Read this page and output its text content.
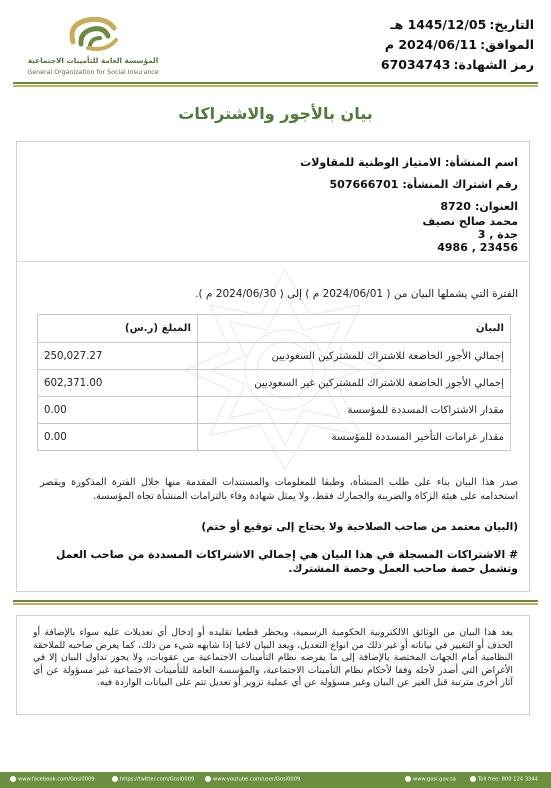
المؤسسة العامة للتأمينات الاجتماعية
General Organization for Social Insurance
التاريخ:1445/12/05 هـ
الموافق:2024/06/11 م
رمز الشهادة:67034743
بيان بالأجور والاشتراكات
اسم المنشأة:الامتياز الوطنية للمقاولات
رقم اشتراك المنشأة:507666701
العنوان:8720
محمد صالح نصيف
جدة , 3
23456 , 4986
الفترة التي يشملها البيان من ( 2024/06/01 م ) إلى ( 2024/06/30 م ).
البيان	المبلغ (ر.س)
إجمالي الأجور الخاضعة للاشتراك للمشتركين السعوديين	250,027.27
إجمالي الأجور الخاضعة للاشتراك للمشتركين غير السعوديين	602,371.00
مقدار الاشتراكات المسددة للمؤسسة	0.00
مقدار غرامات التأخير المسددة للمؤسسة	0.00
صدر هذا البيان بناء على طلب المنشأة، وطبقا للمعلومات والمستندات المقدمة منها خلال الفترة المذكورة ويقصر استخدامه على هيئة الزكاة والضريبة والجمارك فقط، ولا يمثل شهادة وفاء بالتزامات المنشأة تجاه المؤسسة.
(البيان معتمد من صاحب الصلاحية ولا يحتاج إلى توقيع أو ختم)
# الاشتراكات المسجلة في هذا البيان هي إجمالي الاشتراكات المسددة من صاحب العمل وتشمل حصة صاحب العمل وحصة المشترك.

يعد هذا البيان من الوثائق الالكترونية الحكومية الرسمية، ويحظر قطعيا تقليده أو إدخال أي تعديلات عليه سواء بالإضافة أو الحذف أو التغيير في بياناته أو غير ذلك من انواع التعديل، ويعد البيان لاغيا إذا شابهه شيء من ذلك، كما يعرض صاحبه للملاحقة النظامية أمام الجهات المختصة بالإضافة إلى ما يفرضه نظام التأمينات الاجتماعية من عقوبات، ولا يجوز تداول البيان إلا في الأغراض التي أصدر لأجله وفقا لأحكام نظام التأمينات الاجتماعية، والمؤسسة العامة للتأمينات الاجتماعية غير مسؤولة عن أي آثار أخرى مترتبة قبل الغير عن البيان وغير مسؤولة عن أي عملية تزوير أو تعديل تتم على البيانات الواردة فيه.

www.facebook.com/Gosi0009	https://twitter.com/Gosi0009	www.youtube.com/user/Gosi0009	www.gosi.gov.sa	Toll free: 800 124 3344
